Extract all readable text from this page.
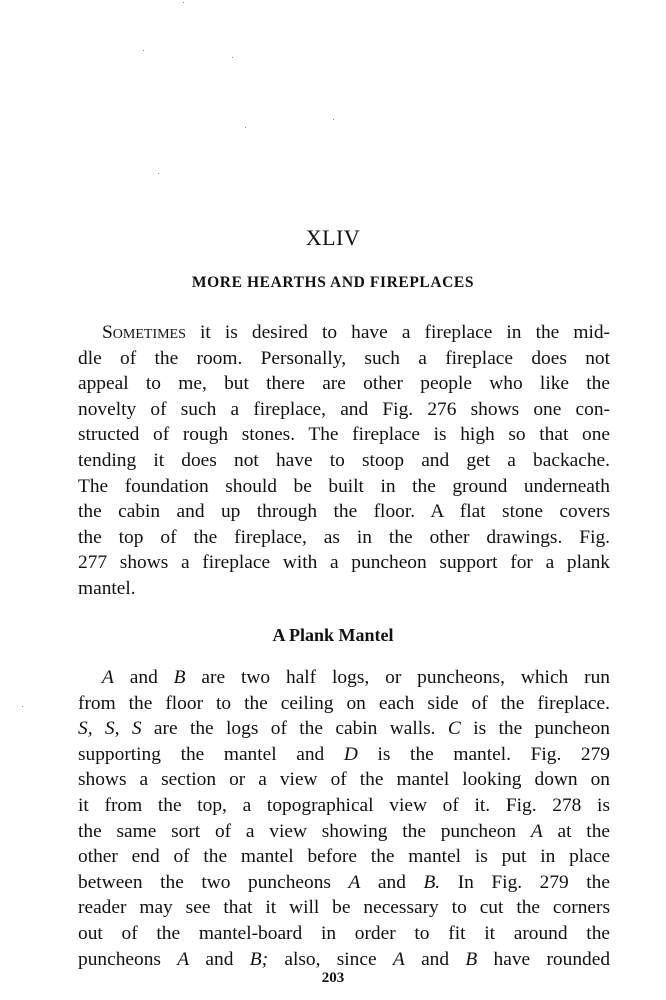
XLIV
MORE HEARTHS AND FIREPLACES
Sometimes it is desired to have a fireplace in the mid-
dle of the room. Personally, such a fireplace does not
appeal to me, but there are other people who like the
novelty of such a fireplace, and Fig. 276 shows one con-
structed of rough stones. The fireplace is high so that one
tending it does not have to stoop and get a backache.
The foundation should be built in the ground underneath
the cabin and up through the floor. A flat stone covers
the top of the fireplace, as in the other drawings. Fig.
277 shows a fireplace with a puncheon support for a plank
mantel.
A Plank Mantel
A and B are two half logs, or puncheons, which run
from the floor to the ceiling on each side of the fireplace.
S, S, S are the logs of the cabin walls. C is the puncheon
supporting the mantel and D is the mantel. Fig. 279
shows a section or a view of the mantel looking down on
it from the top, a topographical view of it. Fig. 278 is
the same sort of a view showing the puncheon A at the
other end of the mantel before the mantel is put in place
between the two puncheons A and B. In Fig. 279 the
reader may see that it will be necessary to cut the corners
out of the mantel-board in order to fit it around the
puncheons A and B; also, since A and B have rounded
203
